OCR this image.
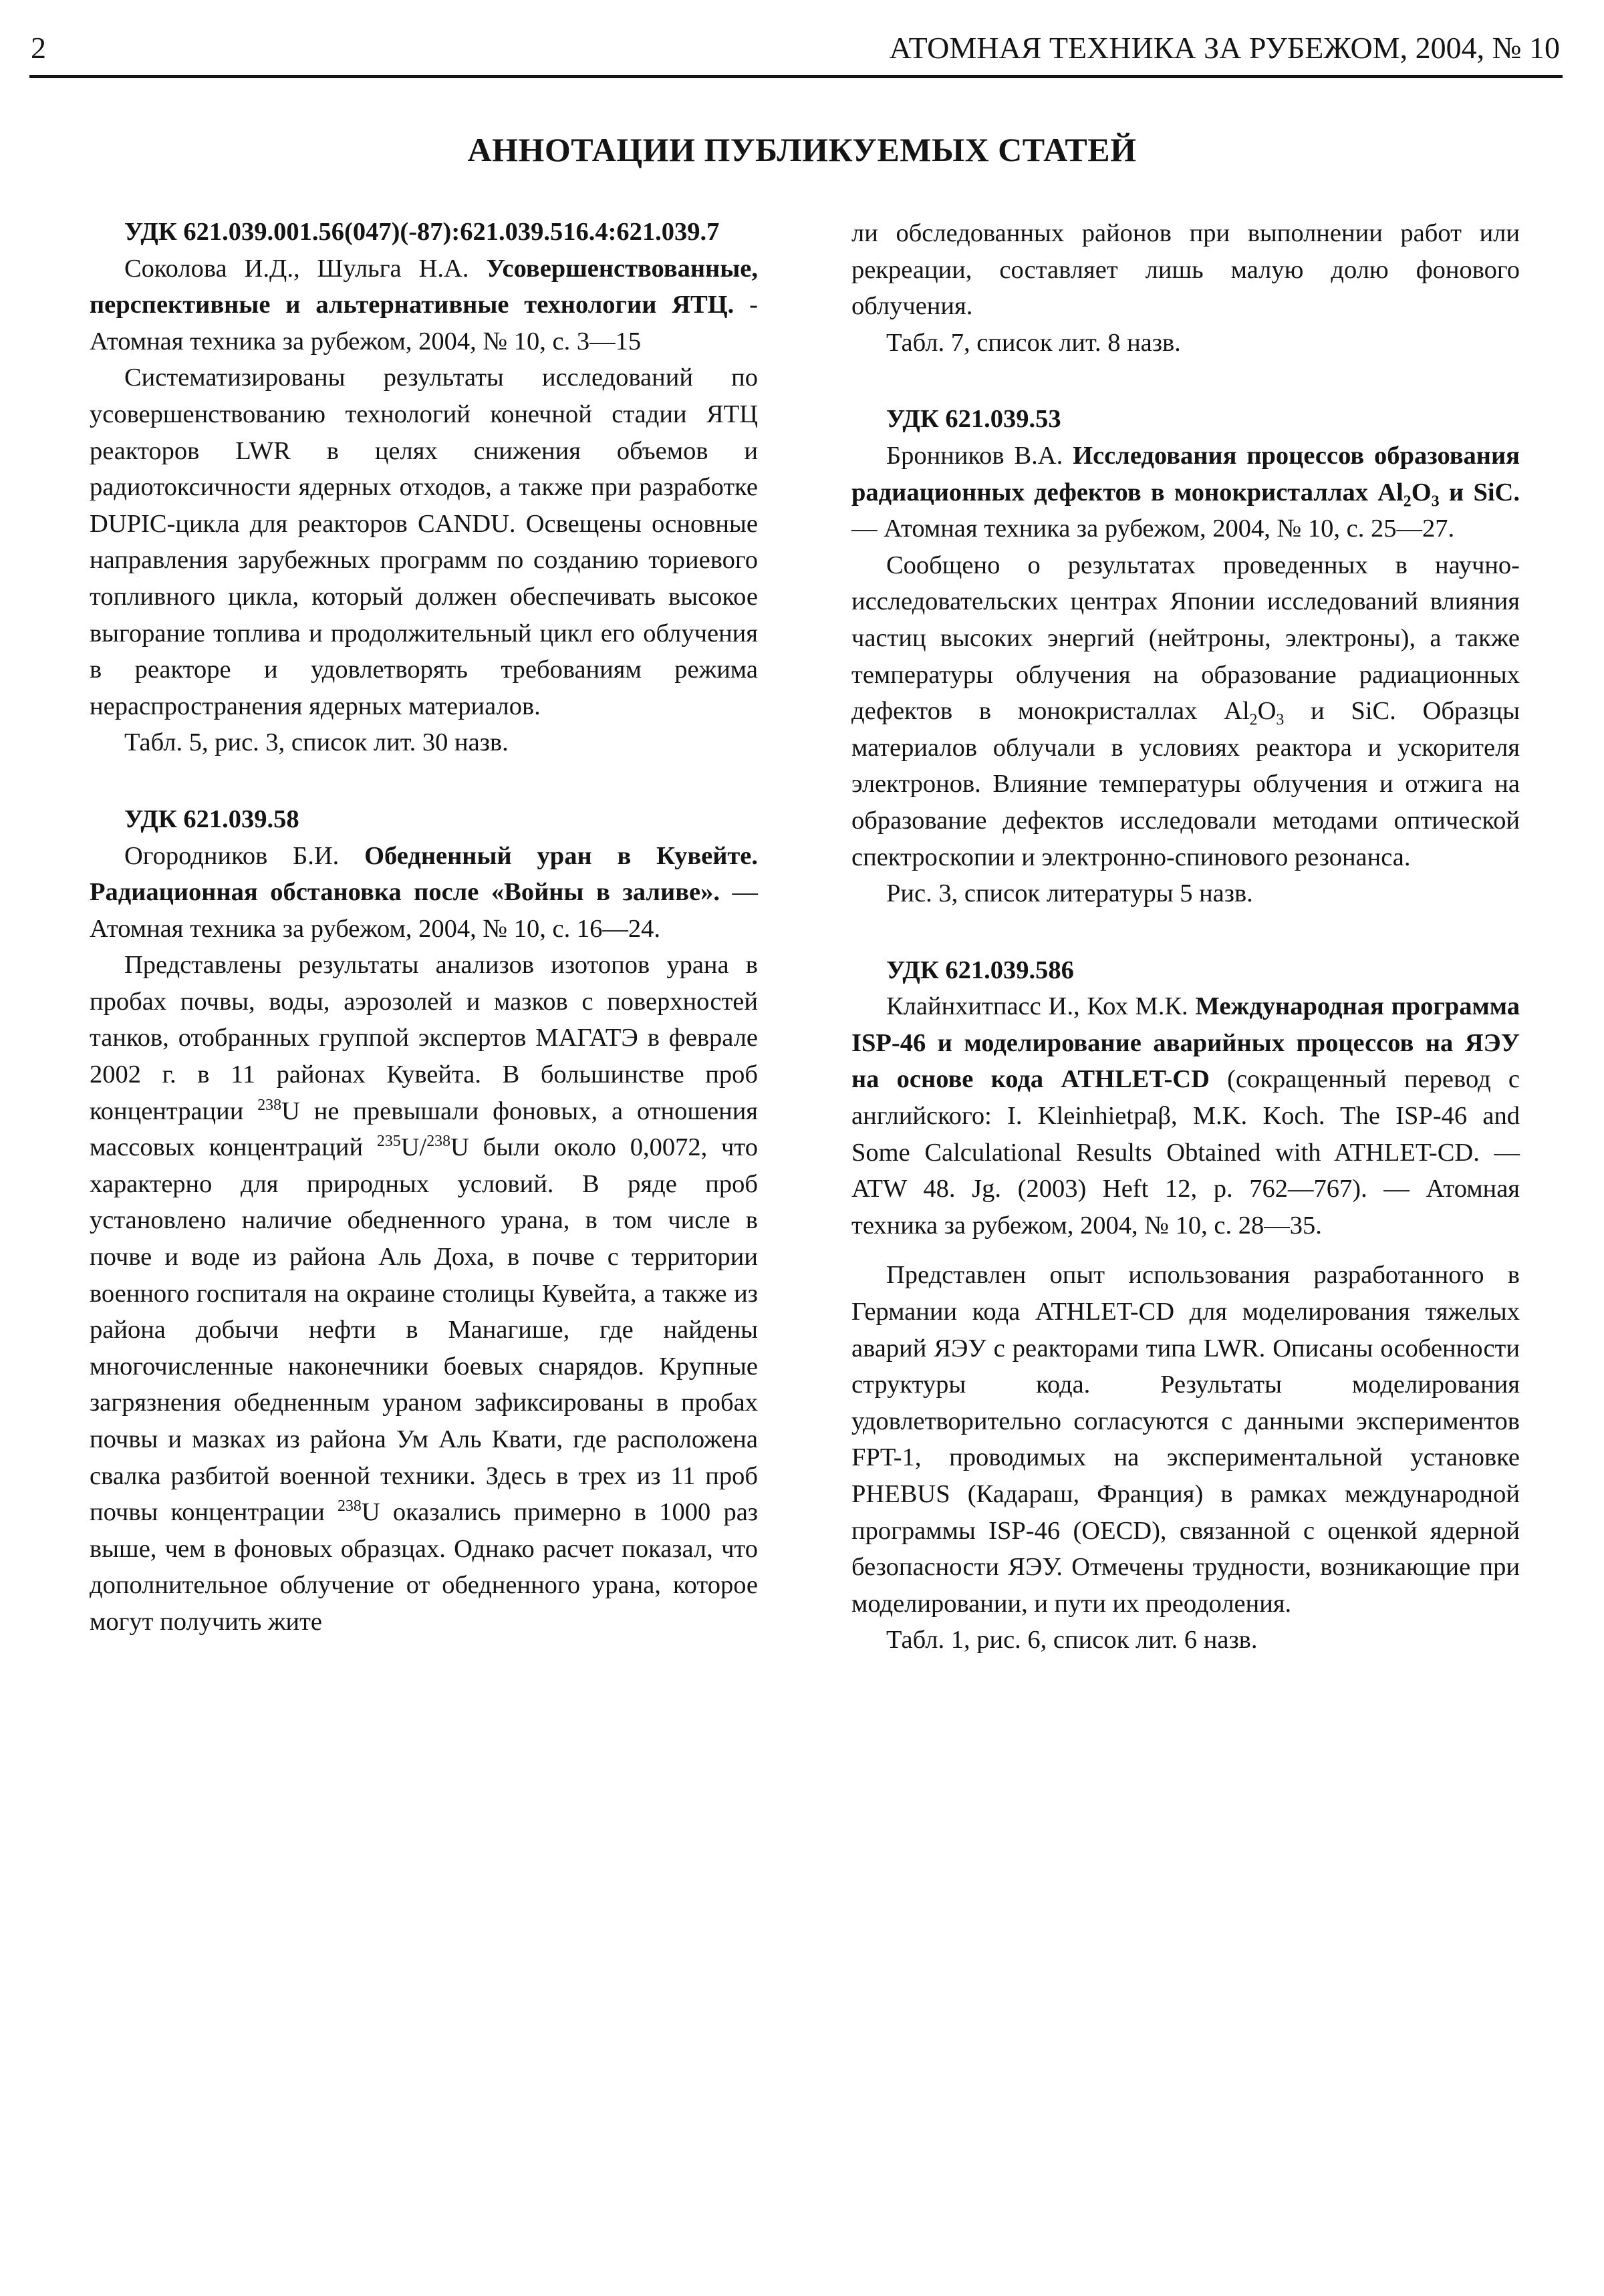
2	АТОМНАЯ ТЕХНИКА ЗА РУБЕЖОМ, 2004, № 10
АННОТАЦИИ ПУБЛИКУЕМЫХ СТАТЕЙ

УДК 621.039.001.56(047)(-87):621.039.516.4:621.039.7

Соколова И.Д., Шульга Н.А. Усовершенствованные, перспективные и альтернативные технологии ЯТЦ. - Атомная техника за рубежом, 2004, № 10, с. 3—15

Систематизированы результаты исследований по усовершенствованию технологий конечной стадии ЯТЦ реакторов LWR в целях снижения объемов и радиотоксичности ядерных отходов, а также при разработке DUPIC-цикла для реакторов CANDU. Освещены основные направления зарубежных программ по созданию ториевого топливного цикла, который должен обеспечивать высокое выгорание топлива и продолжительный цикл его облучения в реакторе и удовлетворять требованиям режима нераспространения ядерных материалов.

Табл. 5, рис. 3, список лит. 30 назв.

УДК 621.039.58

Огородников Б.И. Обедненный уран в Кувейте. Радиационная обстановка после «Войны в заливе». — Атомная техника за рубежом, 2004, № 10, с. 16—24.

Представлены результаты анализов изотопов урана в пробах почвы, воды, аэрозолей и мазков с поверхностей танков, отобранных группой экспертов МАГАТЭ в феврале 2002 г. в 11 районах Кувейта. В большинстве проб концентрации $^{238}$U не превышали фоновых, а отношения массовых концентраций $^{235}$U/$^{238}$U были около 0,0072, что характерно для природных условий. В ряде проб установлено наличие обедненного урана, в том числе в почве и воде из района Аль Доха, в почве с территории военного госпиталя на окраине столицы Кувейта, а также из района добычи нефти в Манагише, где найдены многочисленные наконечники боевых снарядов. Крупные загрязнения обедненным ураном зафиксированы в пробах почвы и мазках из района Ум Аль Квати, где расположена свалка разбитой военной техники. Здесь в трех из 11 проб почвы концентрации $^{238}$U оказались примерно в 1000 раз выше, чем в фоновых образцах. Однако расчет показал, что дополнительное облучение от обедненного урана, которое могут получить жите

ли обследованных районов при выполнении работ или рекреации, составляет лишь малую долю фонового облучения.

Табл. 7, список лит. 8 назв.

УДК 621.039.53

Бронников В.А. Исследования процессов образования радиационных дефектов в монокристаллах $Al_2O_3$ и SiC. — Атомная техника за рубежом, 2004, № 10, с. 25—27.

Сообщено о результатах проведенных в научно-исследовательских центрах Японии исследований влияния частиц высоких энергий (нейтроны, электроны), а также температуры облучения на образование радиационных дефектов в монокристаллах $Al_2O_3$ и SiC. Образцы материалов облучали в условиях реактора и ускорителя электронов. Влияние температуры облучения и отжига на образование дефектов исследовали методами оптической спектроскопии и электронно-спинового резонанса.

Рис. 3, список литературы 5 назв.

УДК 621.039.586

Клайнхитпасс И., Кох М.К. Международная программа ISP-46 и моделирование аварийных процессов на ЯЭУ на основе кода ATHLET-CD (сокращенный перевод с английского: I. Kleinhietpaβ, M.K. Koch. The ISP-46 and Some Calculational Results Obtained with ATHLET-CD. — ATW 48. Jg. (2003) Heft 12, p. 762—767). — Атомная техника за рубежом, 2004, № 10, с. 28—35.

Представлен опыт использования разработанного в Германии кода ATHLET-CD для моделирования тяжелых аварий ЯЭУ с реакторами типа LWR. Описаны особенности структуры кода. Результаты моделирования удовлетворительно согласуются с данными экспериментов FPT-1, проводимых на экспериментальной установке PHEBUS (Кадараш, Франция) в рамках международной программы ISP-46 (OECD), связанной с оценкой ядерной безопасности ЯЭУ. Отмечены трудности, возникающие при моделировании, и пути их преодоления.

Табл. 1, рис. 6, список лит. 6 назв.
